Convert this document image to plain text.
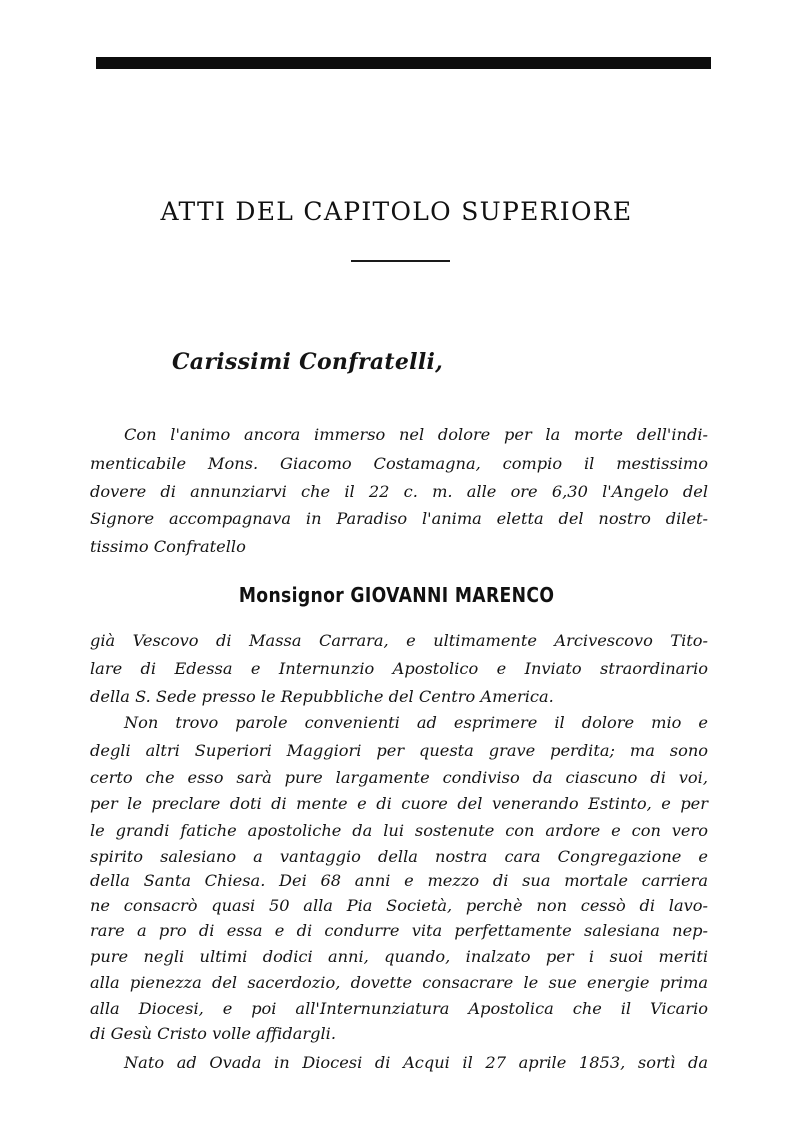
ATTI DEL CAPITOLO SUPERIORE
Carissimi Confratelli,
Con l'animo ancora immerso nel dolore per la morte dell'indi-
menticabile Mons. Giacomo Costamagna, compio il mestissimo
dovere di annunziarvi che il 22 c. m. alle ore 6,30 l'Angelo del
Signore accompagnava in Paradiso l'anima eletta del nostro dilet-
tissimo Confratello
Monsignor GIOVANNI MARENCO
già Vescovo di Massa Carrara, e ultimamente Arcivescovo Tito-
lare di Edessa e Internunzio Apostolico e Inviato straordinario
della S. Sede presso le Repubbliche del Centro America.
Non trovo parole convenienti ad esprimere il dolore mio e
degli altri Superiori Maggiori per questa grave perdita; ma sono
certo che esso sarà pure largamente condiviso da ciascuno di voi,
per le preclare doti di mente e di cuore del venerando Estinto, e per
le grandi fatiche apostoliche da lui sostenute con ardore e con vero
spirito salesiano a vantaggio della nostra cara Congregazione e
della Santa Chiesa. Dei 68 anni e mezzo di sua mortale carriera
ne consacrò quasi 50 alla Pia Società, perchè non cessò di lavo-
rare a pro di essa e di condurre vita perfettamente salesiana nep-
pure negli ultimi dodici anni, quando, inalzato per i suoi meriti
alla pienezza del sacerdozio, dovette consacrare le sue energie prima
alla Diocesi, e poi all'Internunziatura Apostolica che il Vicario
di Gesù Cristo volle affidargli.
Nato ad Ovada in Diocesi di Acqui il 27 aprile 1853, sortì da
